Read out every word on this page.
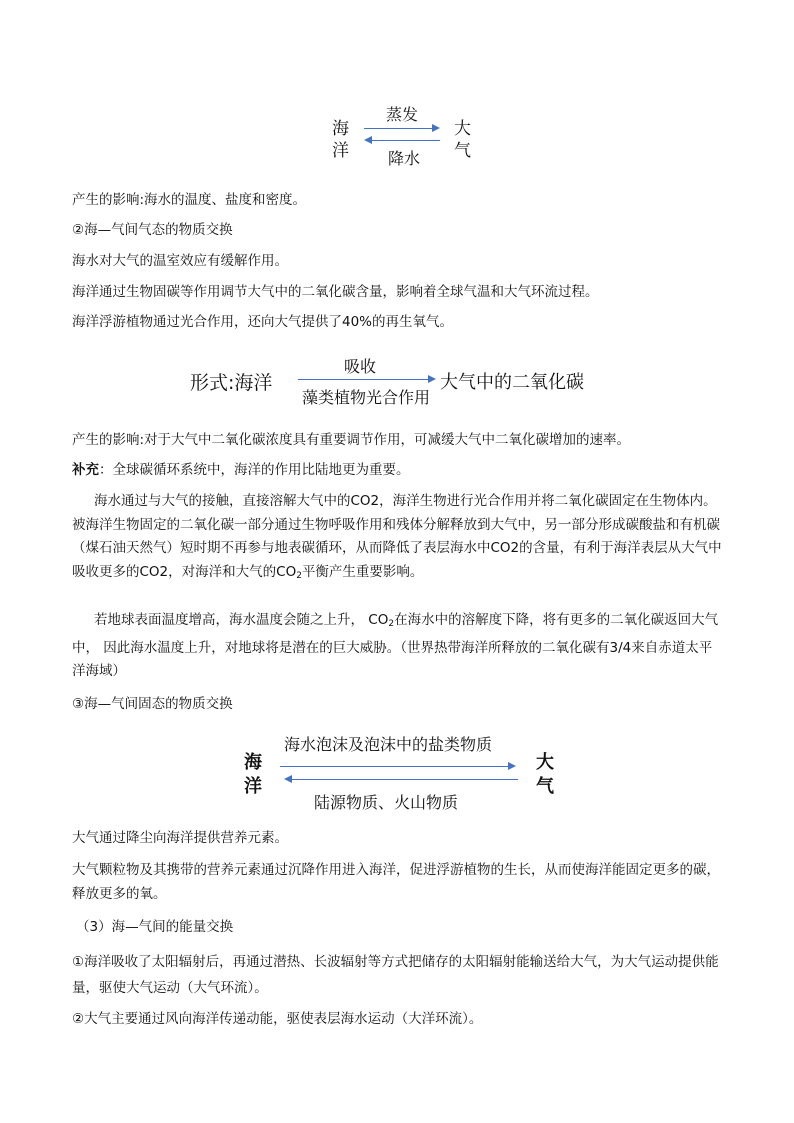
海
洋
蒸发
降水
大
气
产生的影响:海水的温度、盐度和密度。
②海—气间气态的物质交换
海水对大气的温室效应有缓解作用。
海洋通过生物固碳等作用调节大气中的二氧化碳含量，影响着全球气温和大气环流过程。
海洋浮游植物通过光合作用，还向大气提供了40%的再生氧气。
形式:海洋
吸收
藻类植物光合作用
大气中的二氧化碳
产生的影响:对于大气中二氧化碳浓度具有重要调节作用，可减缓大气中二氧化碳增加的速率。
补充：全球碳循环系统中，海洋的作用比陆地更为重要。
海水通过与大气的接触，直接溶解大气中的CO2，海洋生物进行光合作用并将二氧化碳固定在生物体内。 被海洋生物固定的二氧化碳一部分通过生物呼吸作用和残体分解释放到大气中，另一部分形成碳酸盐和有机碳（煤石油天然气）短时期不再参与地表碳循环，从而降低了表层海水中CO2的含量，有利于海洋表层从大气中吸收更多的CO2，对海洋和大气的$CO_2$平衡产生重要影响。
若地球表面温度增高，海水温度会随之上升， $CO_2$在海水中的溶解度下降，将有更多的二氧化碳返回大气中， 因此海水温度上升，对地球将是潜在的巨大威胁。（世界热带海洋所释放的二氧化碳有3/4来自赤道太平洋海域）
③海—气间固态的物质交换
海
洋
海水泡沫及泡沫中的盐类物质
陆源物质、火山物质
大
气
大气通过降尘向海洋提供营养元素。
大气颗粒物及其携带的营养元素通过沉降作用进入海洋，促进浮游植物的生长，从而使海洋能固定更多的碳，释放更多的氧。
（3）海—气间的能量交换
①海洋吸收了太阳辐射后，再通过潜热、长波辐射等方式把储存的太阳辐射能输送给大气，为大气运动提供能量，驱使大气运动（大气环流）。
②大气主要通过风向海洋传递动能，驱使表层海水运动（大洋环流）。
